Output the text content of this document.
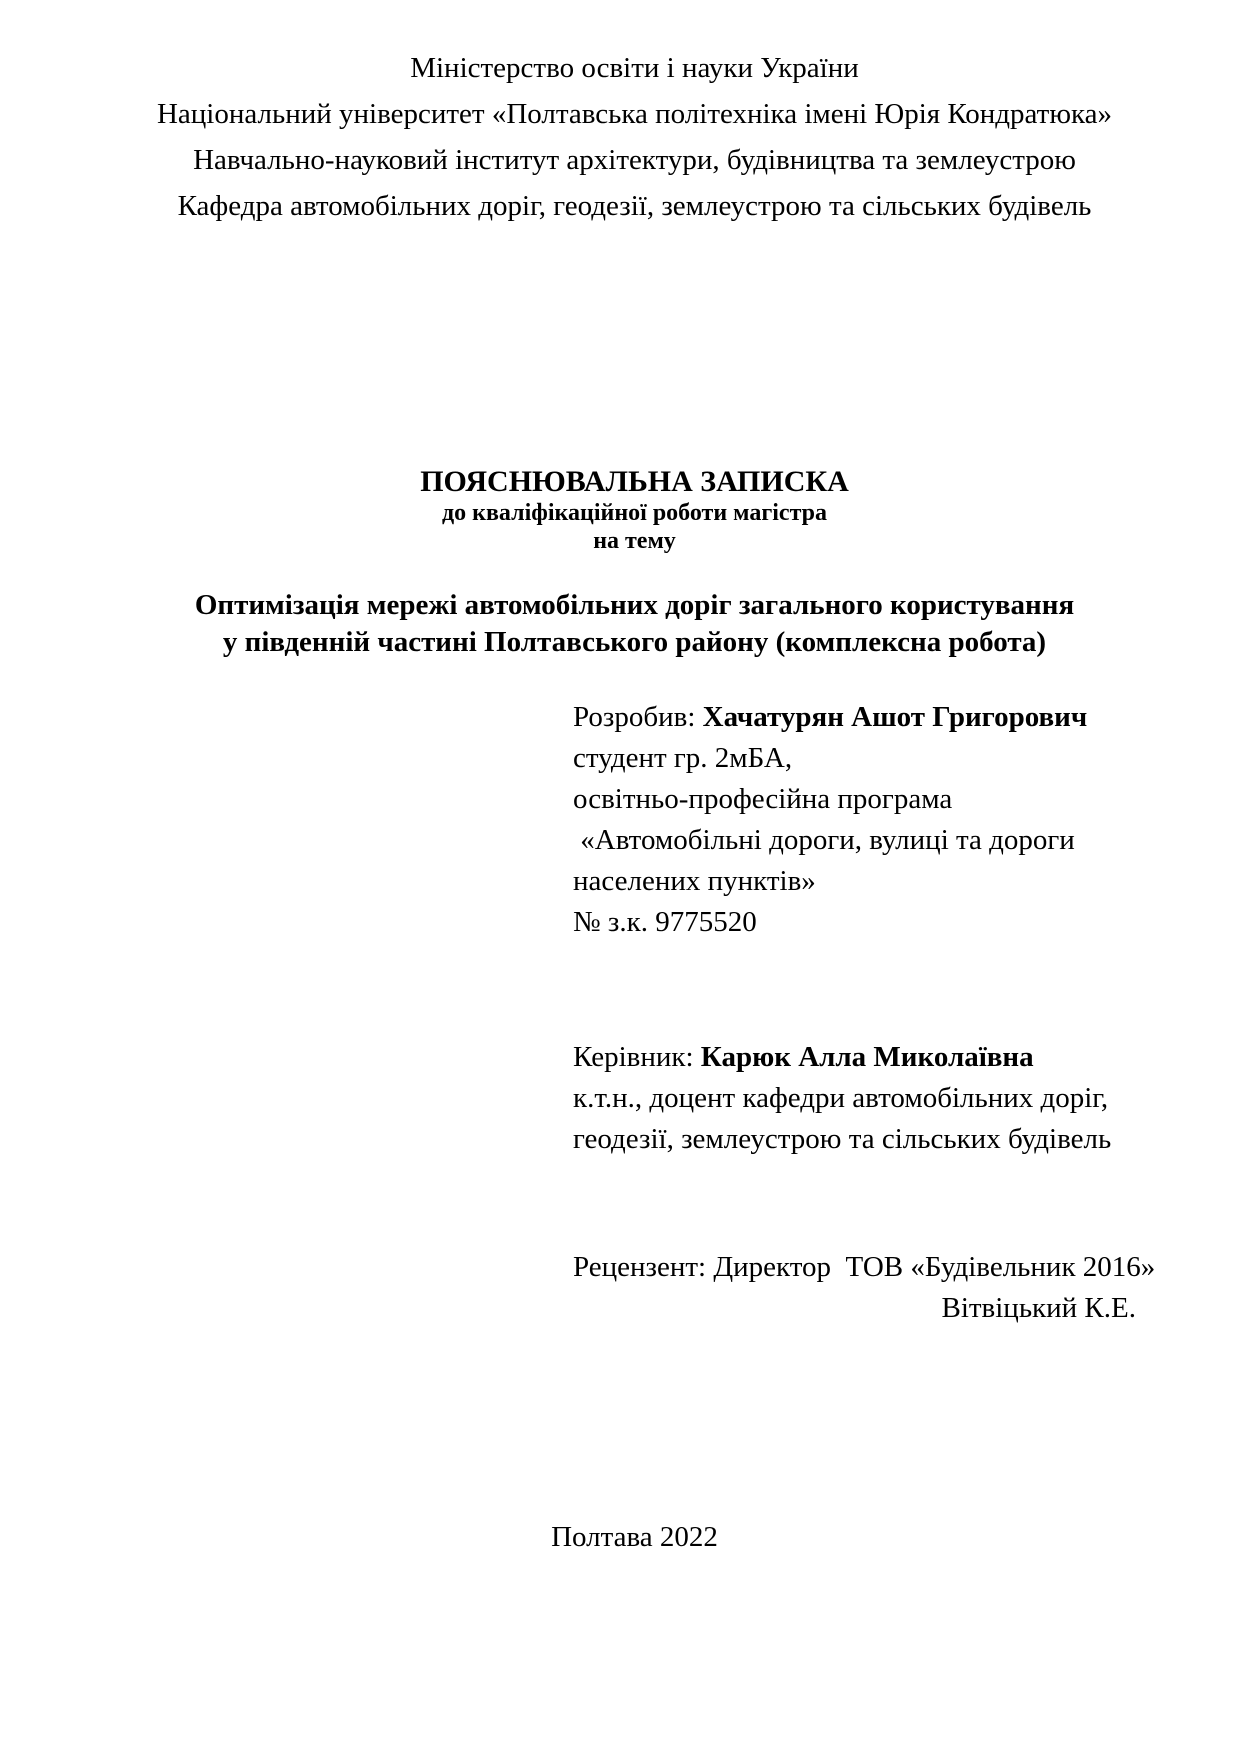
Міністерство освіти і науки України
Національний університет «Полтавська політехніка імені Юрія Кондратюка»
Навчально-науковий інститут архітектури, будівництва та землеустрою
Кафедра автомобільних доріг, геодезії, землеустрою та сільських будівель
ПОЯСНЮВАЛЬНА ЗАПИСКА
до кваліфікаційної роботи магістра
на тему
Оптимізація мережі автомобільних доріг загального користування
у південній частині Полтавського району (комплексна робота)
Розробив: Хачатурян Ашот Григорович
студент гр. 2мБА,
освітньо-професійна програма
«Автомобільні дороги, вулиці та дороги
населених пунктів»
№ з.к. 9775520
Керівник: Карюк Алла Миколаївна
к.т.н., доцент кафедри автомобільних доріг,
геодезії, землеустрою та сільських будівель
Рецензент: Директор  ТОВ «Будівельник 2016»
Вітвіцький К.Е.
Полтава 2022
